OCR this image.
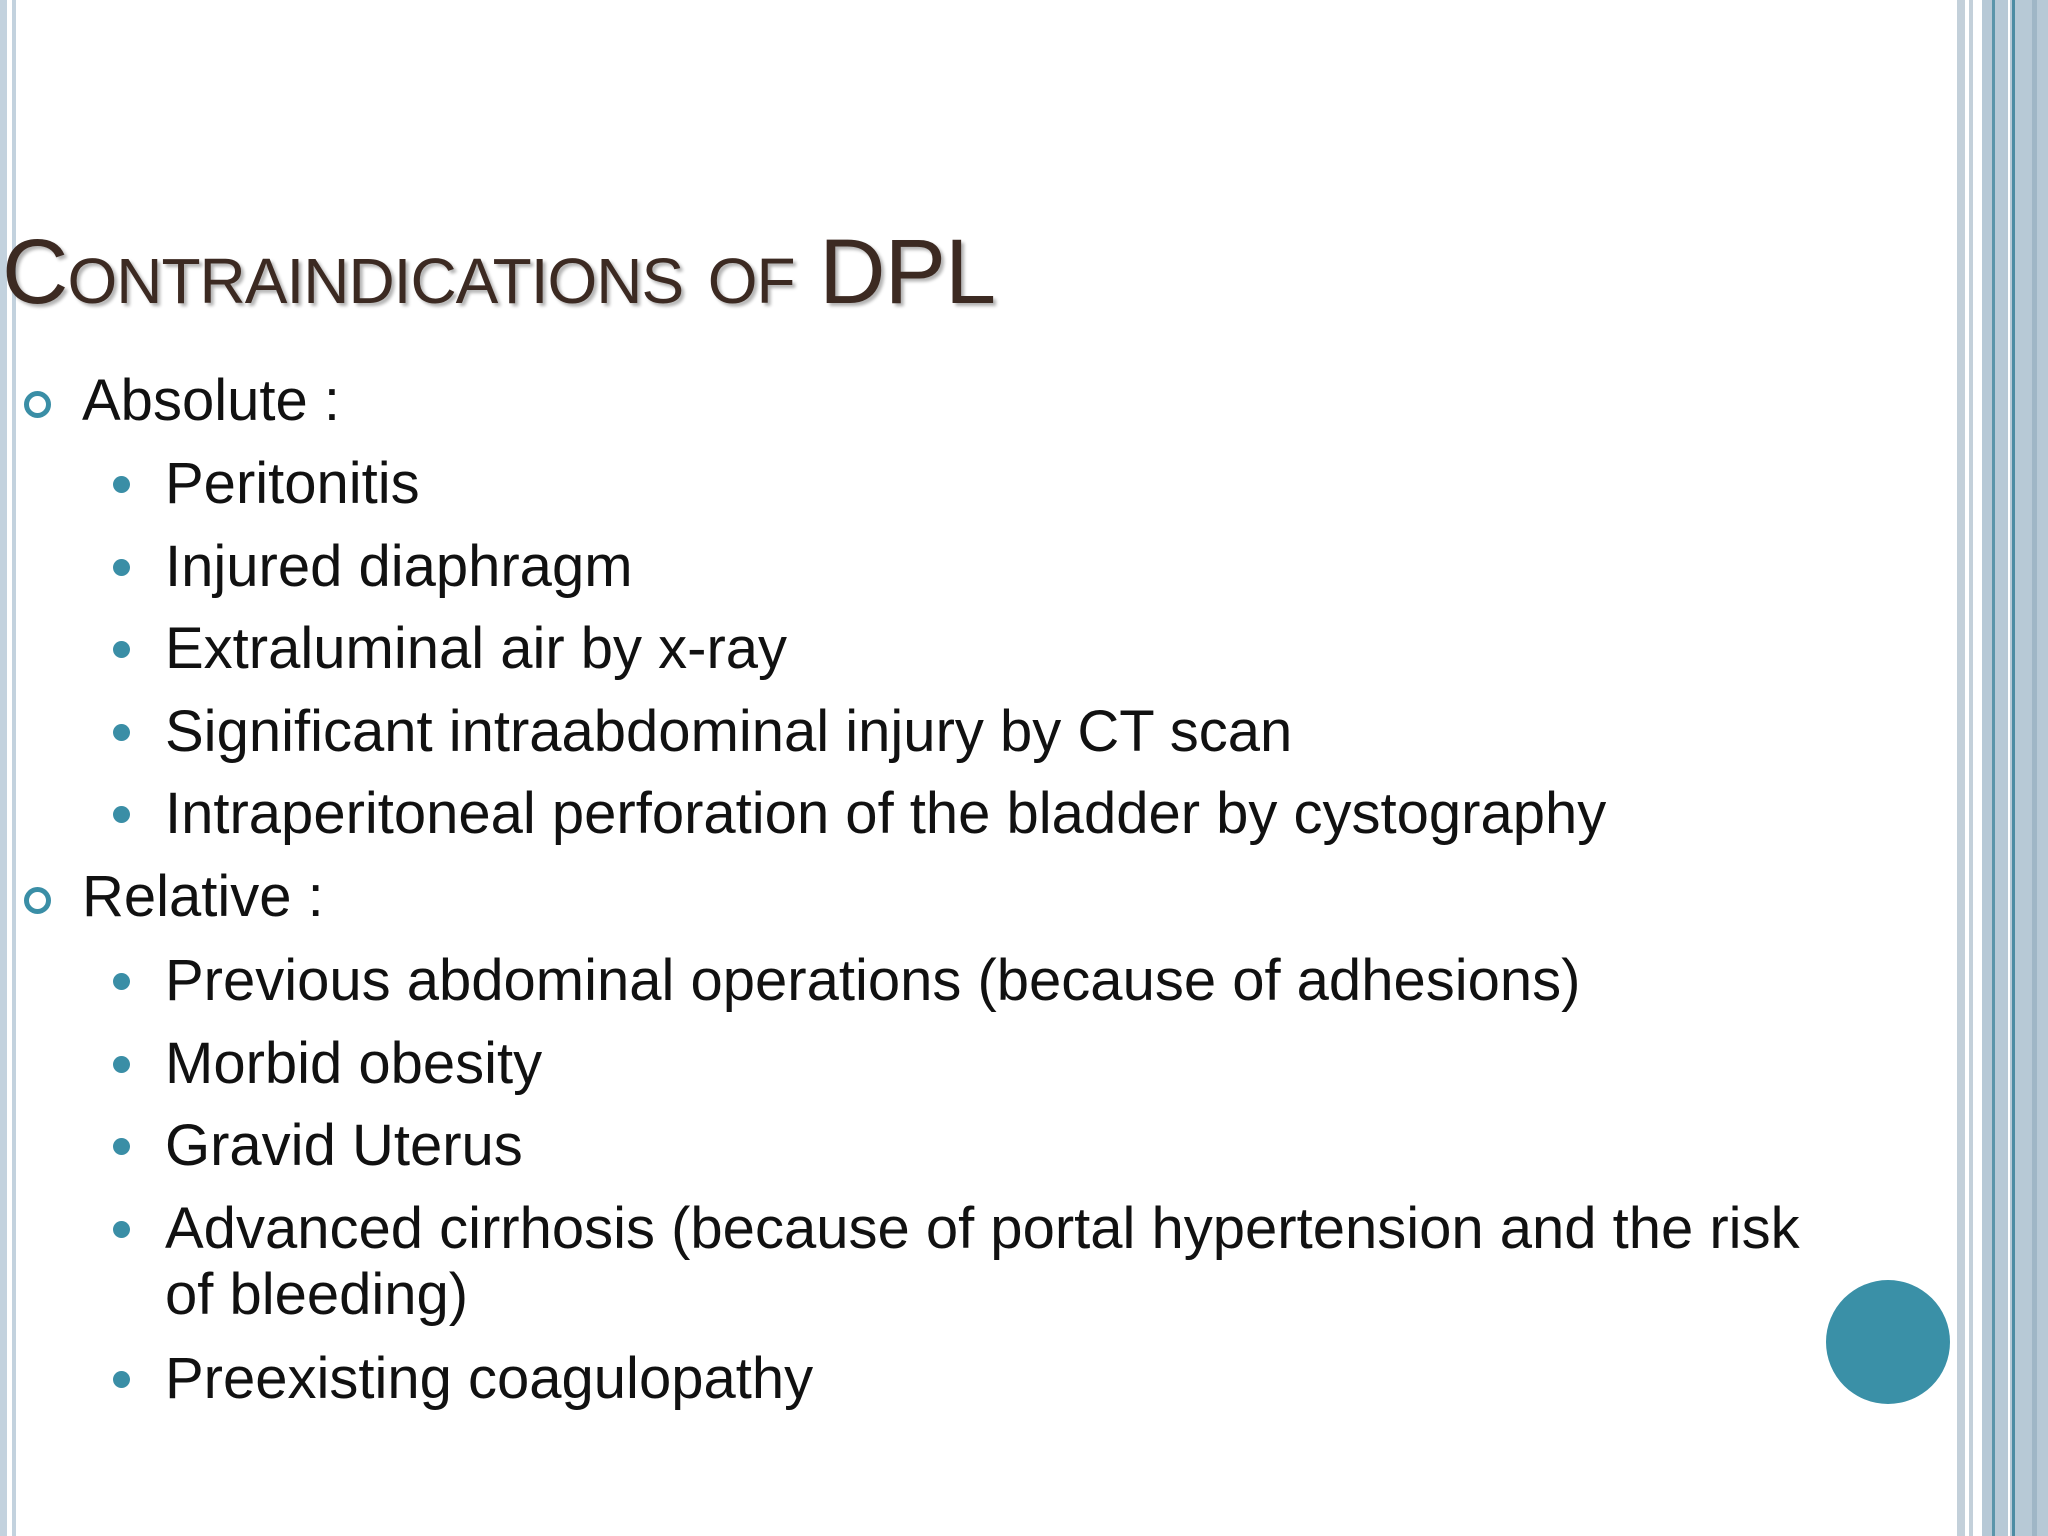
Contraindications of DPL
Absolute :
Peritonitis
Injured diaphragm
Extraluminal air by x-ray
Significant intraabdominal injury by CT scan
Intraperitoneal perforation of the bladder by cystography
Relative :
Previous abdominal operations (because of adhesions)
Morbid obesity
Gravid Uterus
Advanced cirrhosis (because of portal hypertension and the risk of bleeding)
Preexisting coagulopathy
